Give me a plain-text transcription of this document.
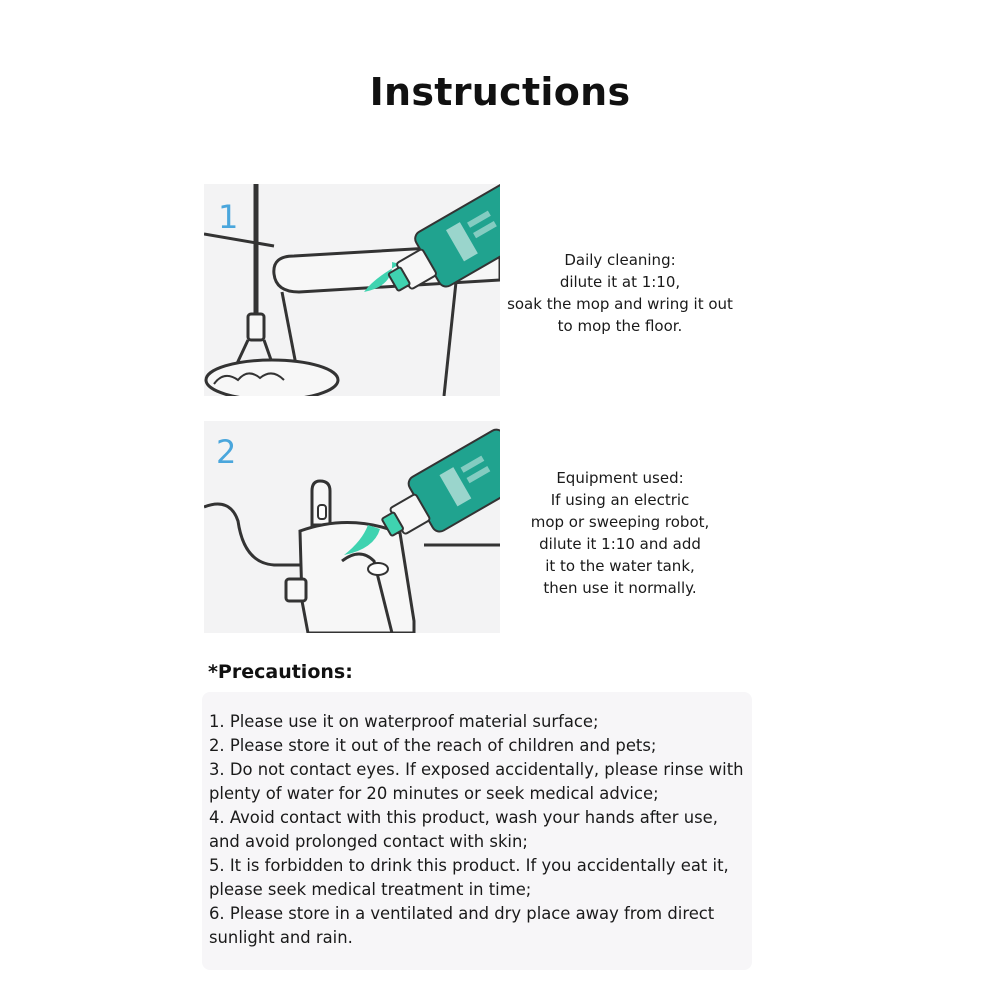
Instructions
1
Daily cleaning:
dilute it at 1:10,
soak the mop and wring it out
to mop the floor.
2
Equipment used:
If using an electric
mop or sweeping robot,
dilute it 1:10 and add
it to the water tank,
then use it normally.
*Precautions:
1. Please use it on waterproof material surface;
2. Please store it out of the reach of children and pets;
3. Do not contact eyes. If exposed accidentally, please rinse with
plenty of water for 20 minutes or seek medical advice;
4. Avoid contact with this product, wash your hands after use,
and avoid prolonged contact with skin;
5. It is forbidden to drink this product. If you accidentally eat it,
please seek medical treatment in time;
6. Please store in a ventilated and dry place away from direct
sunlight and rain.
